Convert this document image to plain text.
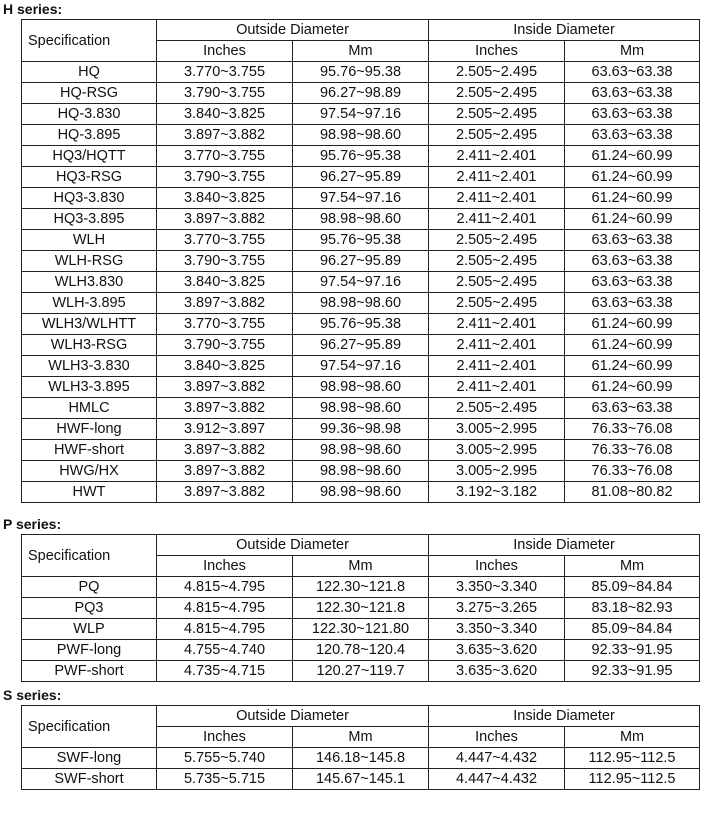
H series:
Specification	Outside Diameter		Inside Diameter	
	Inches	Mm	Inches	Mm
HQ	3.770~3.755	95.76~95.38	2.505~2.495	63.63~63.38
HQ-RSG	3.790~3.755	96.27~98.89	2.505~2.495	63.63~63.38
HQ-3.830	3.840~3.825	97.54~97.16	2.505~2.495	63.63~63.38
HQ-3.895	3.897~3.882	98.98~98.60	2.505~2.495	63.63~63.38
HQ3/HQTT	3.770~3.755	95.76~95.38	2.411~2.401	61.24~60.99
HQ3-RSG	3.790~3.755	96.27~95.89	2.411~2.401	61.24~60.99
HQ3-3.830	3.840~3.825	97.54~97.16	2.411~2.401	61.24~60.99
HQ3-3.895	3.897~3.882	98.98~98.60	2.411~2.401	61.24~60.99
WLH	3.770~3.755	95.76~95.38	2.505~2.495	63.63~63.38
WLH-RSG	3.790~3.755	96.27~95.89	2.505~2.495	63.63~63.38
WLH3.830	3.840~3.825	97.54~97.16	2.505~2.495	63.63~63.38
WLH-3.895	3.897~3.882	98.98~98.60	2.505~2.495	63.63~63.38
WLH3/WLHTT	3.770~3.755	95.76~95.38	2.411~2.401	61.24~60.99
WLH3-RSG	3.790~3.755	96.27~95.89	2.411~2.401	61.24~60.99
WLH3-3.830	3.840~3.825	97.54~97.16	2.411~2.401	61.24~60.99
WLH3-3.895	3.897~3.882	98.98~98.60	2.411~2.401	61.24~60.99
HMLC	3.897~3.882	98.98~98.60	2.505~2.495	63.63~63.38
HWF-long	3.912~3.897	99.36~98.98	3.005~2.995	76.33~76.08
HWF-short	3.897~3.882	98.98~98.60	3.005~2.995	76.33~76.08
HWG/HX	3.897~3.882	98.98~98.60	3.005~2.995	76.33~76.08
HWT	3.897~3.882	98.98~98.60	3.192~3.182	81.08~80.82
P series:
Specification	Outside Diameter		Inside Diameter	
	Inches	Mm	Inches	Mm
PQ	4.815~4.795	122.30~121.8	3.350~3.340	85.09~84.84
PQ3	4.815~4.795	122.30~121.8	3.275~3.265	83.18~82.93
WLP	4.815~4.795	122.30~121.80	3.350~3.340	85.09~84.84
PWF-long	4.755~4.740	120.78~120.4	3.635~3.620	92.33~91.95
PWF-short	4.735~4.715	120.27~119.7	3.635~3.620	92.33~91.95
S series:
Specification	Outside Diameter		Inside Diameter	
	Inches	Mm	Inches	Mm
SWF-long	5.755~5.740	146.18~145.8	4.447~4.432	112.95~112.5
SWF-short	5.735~5.715	145.67~145.1	4.447~4.432	112.95~112.5
